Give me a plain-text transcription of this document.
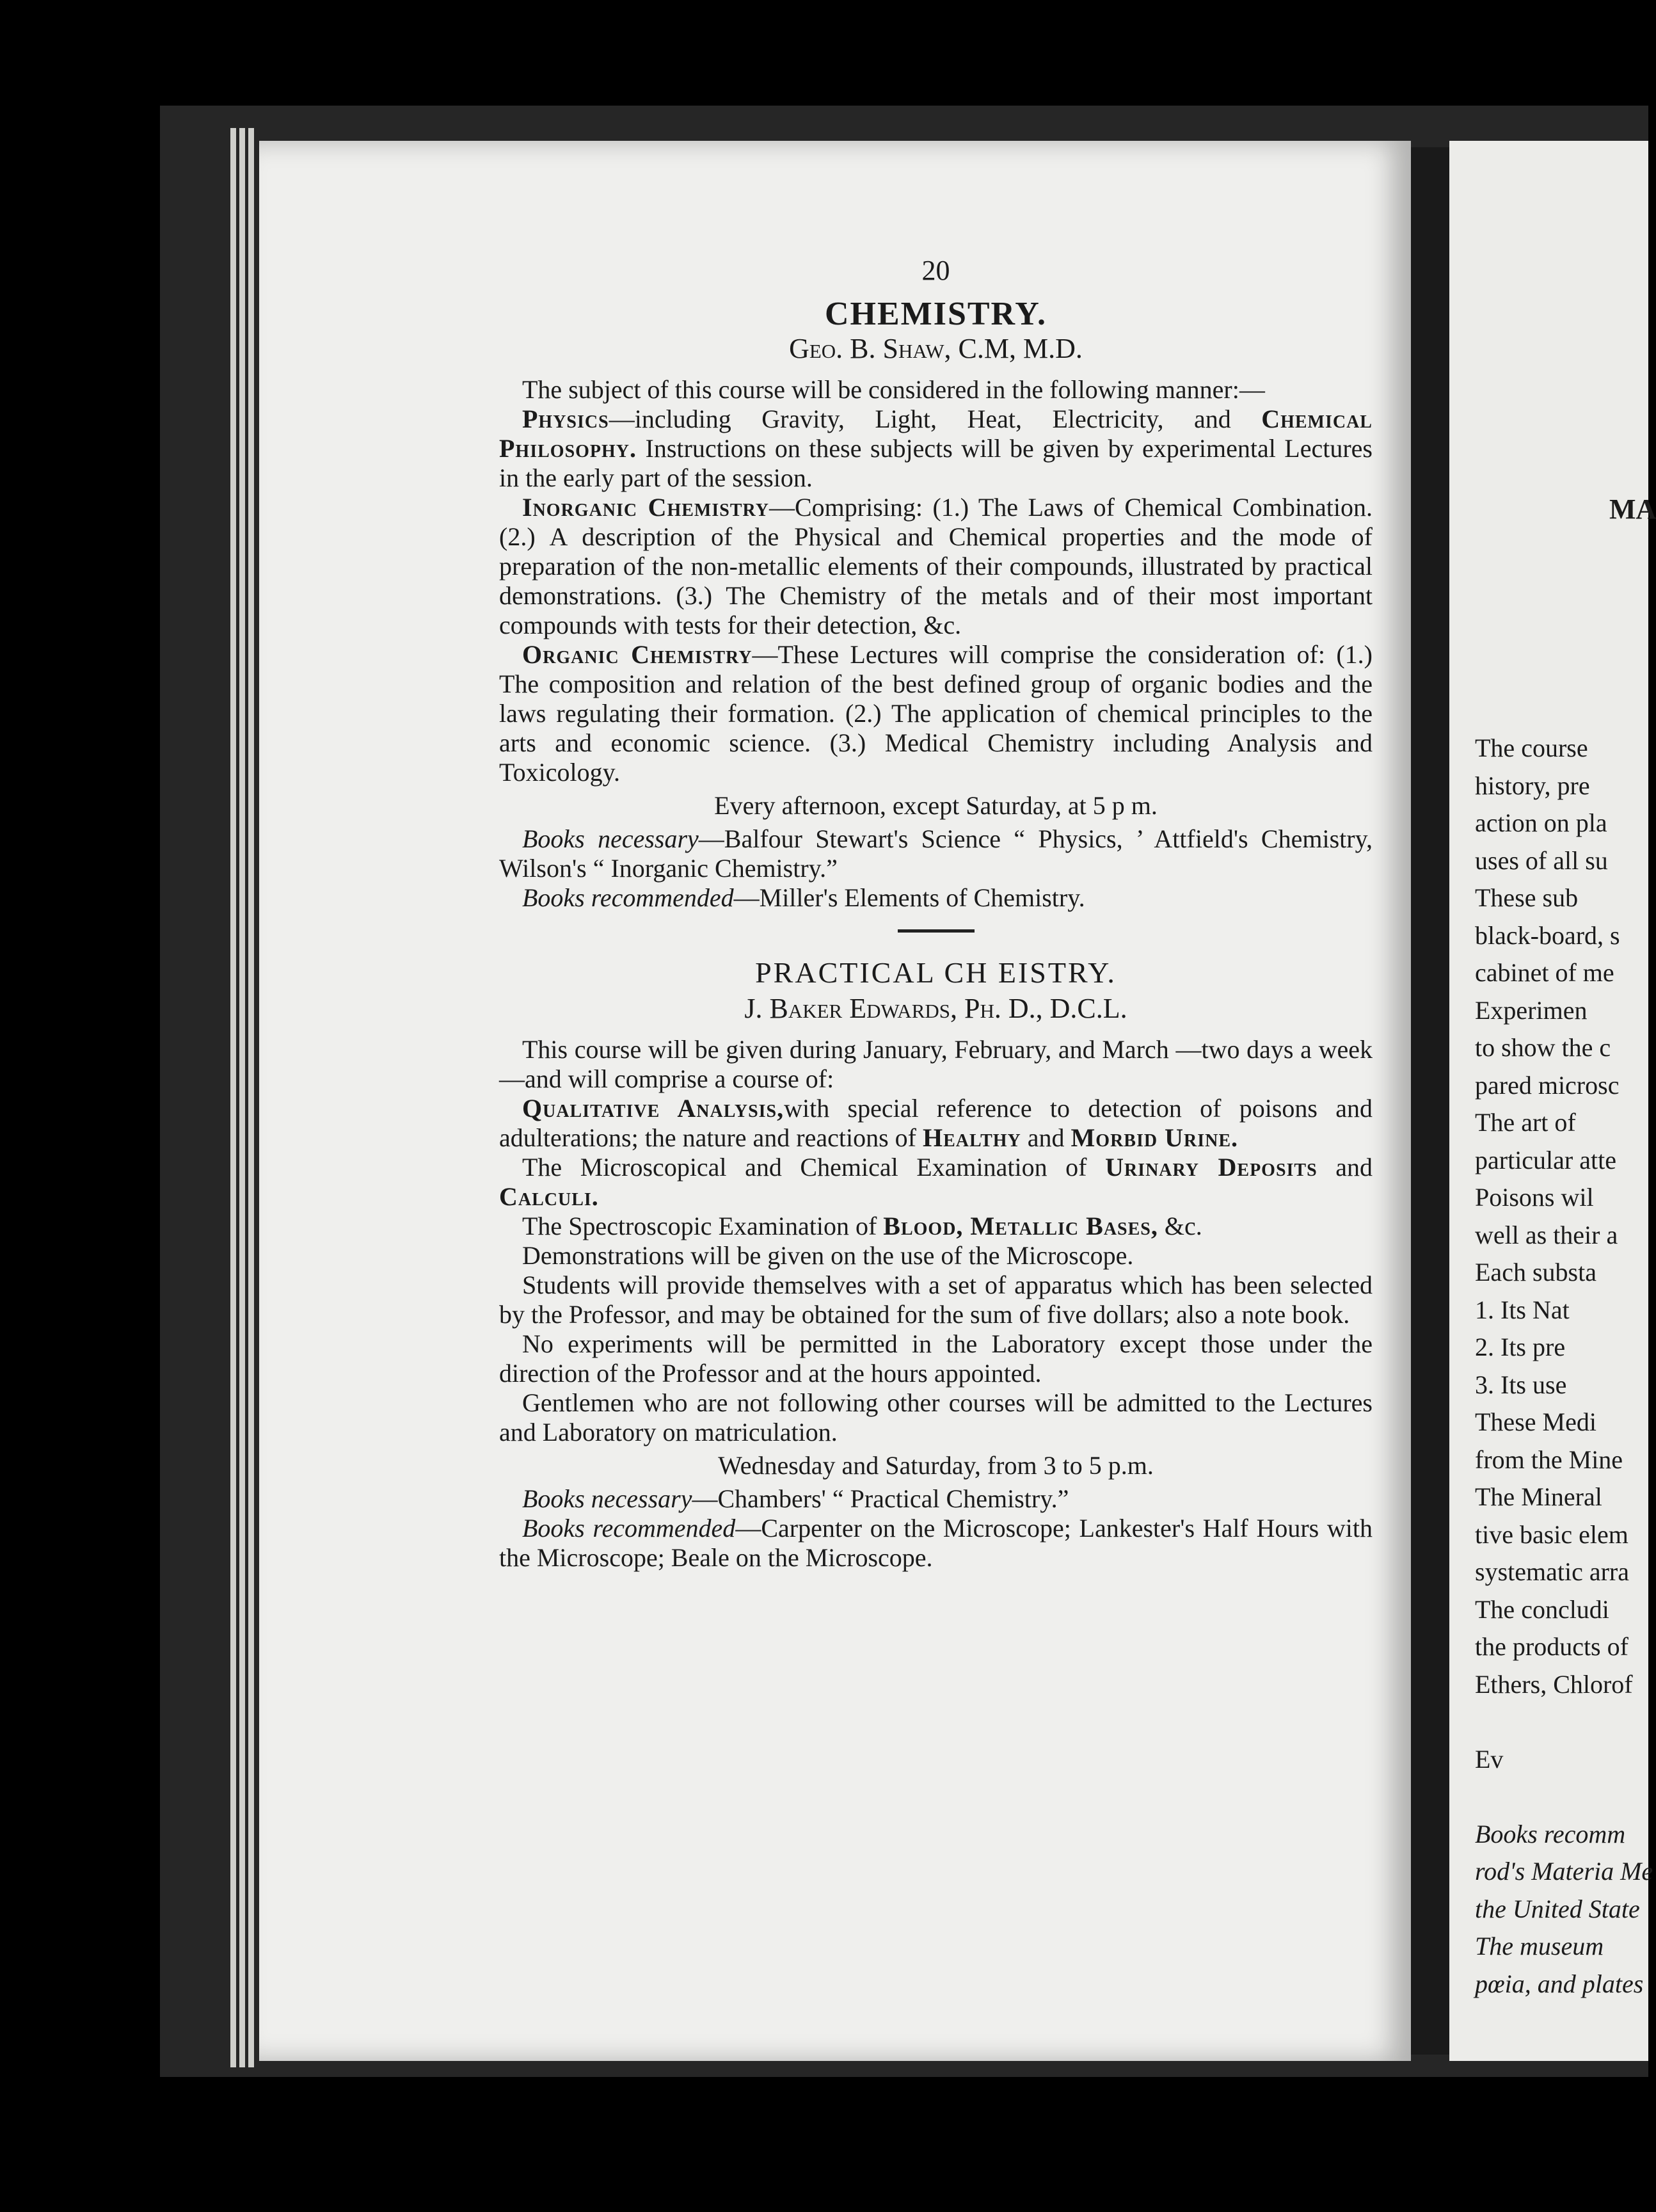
20
CHEMISTRY.
Geo. B. Shaw, C.M, M.D.

The subject of this course will be considered in the following manner:—

Physics—including Gravity, Light, Heat, Electricity, and Chemical Philosophy. Instructions on these subjects will be given by experimental Lectures in the early part of the session.

Inorganic Chemistry—Comprising: (1.) The Laws of Chemical Combination. (2.) A description of the Physical and Chemical properties and the mode of preparation of the non-metallic elements of their compounds, illustrated by practical demonstrations. (3.) The Chemistry of the metals and of their most important compounds with tests for their detection, &c.

Organic Chemistry—These Lectures will comprise the consideration of: (1.) The composition and relation of the best defined group of organic bodies and the laws regulating their formation. (2.) The application of chemical principles to the arts and economic science. (3.) Medical Chemistry including Analysis and Toxicology.

Every afternoon, except Saturday, at 5 p m.

Books necessary—Balfour Stewart's Science “ Physics, ’ Attfield's Chemistry, Wilson's “ Inorganic Chemistry.”

Books recommended—Miller's Elements of Chemistry.

PRACTICAL CH EISTRY.
J. Baker Edwards, Ph. D., D.C.L.

This course will be given during January, February, and March —two days a week—and will comprise a course of:

Qualitative Analysis,with special reference to detection of poisons and adulterations; the nature and reactions of Healthy and Morbid Urine.

The Microscopical and Chemical Examination of Urinary Deposits and Calculi.

The Spectroscopic Examination of Blood, Metallic Bases, &c.

Demonstrations will be given on the use of the Microscope.

Students will provide themselves with a set of apparatus which has been selected by the Professor, and may be obtained for the sum of five dollars; also a note book.

No experiments will be permitted in the Laboratory except those under the direction of the Professor and at the hours appointed.

Gentlemen who are not following other courses will be admitted to the Lectures and Laboratory on matriculation.

Wednesday and Saturday, from 3 to 5 p.m.

Books necessary—Chambers' “ Practical Chemistry.”

Books recommended—Carpenter on the Microscope; Lankester's Half Hours with the Microscope; Beale on the Microscope.

MA
The course
history, pre
action on pla
uses of all su
These sub
black-board, s
cabinet of me
Experimen
to show the c
pared microsc
The art of
particular atte
Poisons wil
well as their a
Each substa
1. Its Nat
2. Its pre
3. Its use
These Medi
from the Mine
The Mineral
tive basic elem
systematic arra
The concludi
the products of
Ethers, Chlorof
Ev
Books recomm
rod's Materia Me
the United State
The museum
pœia, and plates
